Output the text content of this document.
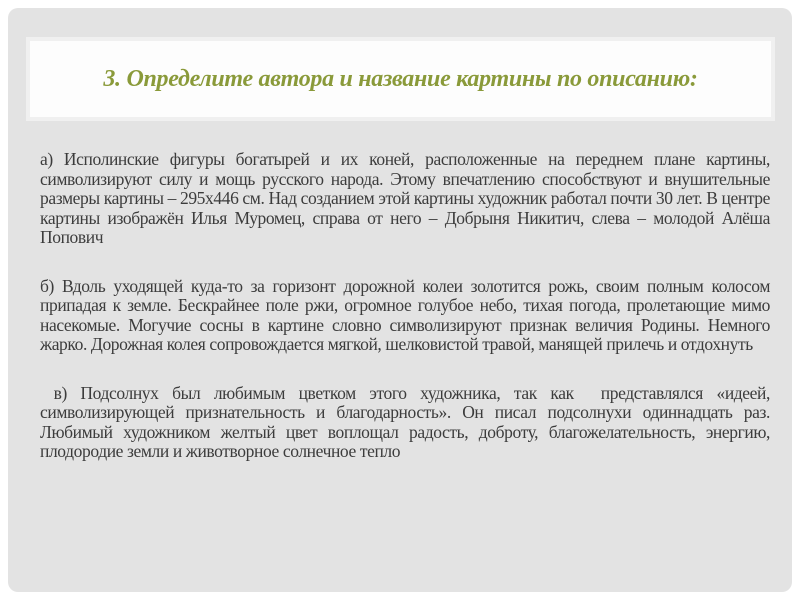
3. Определите автора и название картины по описанию:

а) Исполинские фигуры богатырей и их коней, расположенные на переднем плане картины, символизируют силу и мощь русского народа. Этому впечатлению способствуют и внушительные размеры картины – 295х446 см. Над созданием этой картины художник работал почти 30 лет. В центре картины изображён Илья Муромец, справа от него – Добрыня Никитич, слева – молодой Алёша Попович

б) Вдоль уходящей куда-то за горизонт дорожной колеи золотится рожь, своим полным колосом припадая к земле. Бескрайнее поле ржи, огромное голубое небо, тихая погода, пролетающие мимо насекомые. Могучие сосны в картине словно символизируют признак величия Родины. Немного жарко. Дорожная колея сопровождается мягкой, шелковистой травой, манящей прилечь и отдохнуть

в) Подсолнух был любимым цветком этого художника, так как  представлялся «идеей, символизирующей признательность и благодарность». Он писал подсолнухи одиннадцать раз. Любимый художником желтый цвет воплощал радость, доброту, благожелательность, энергию, плодородие земли и животворное солнечное тепло
